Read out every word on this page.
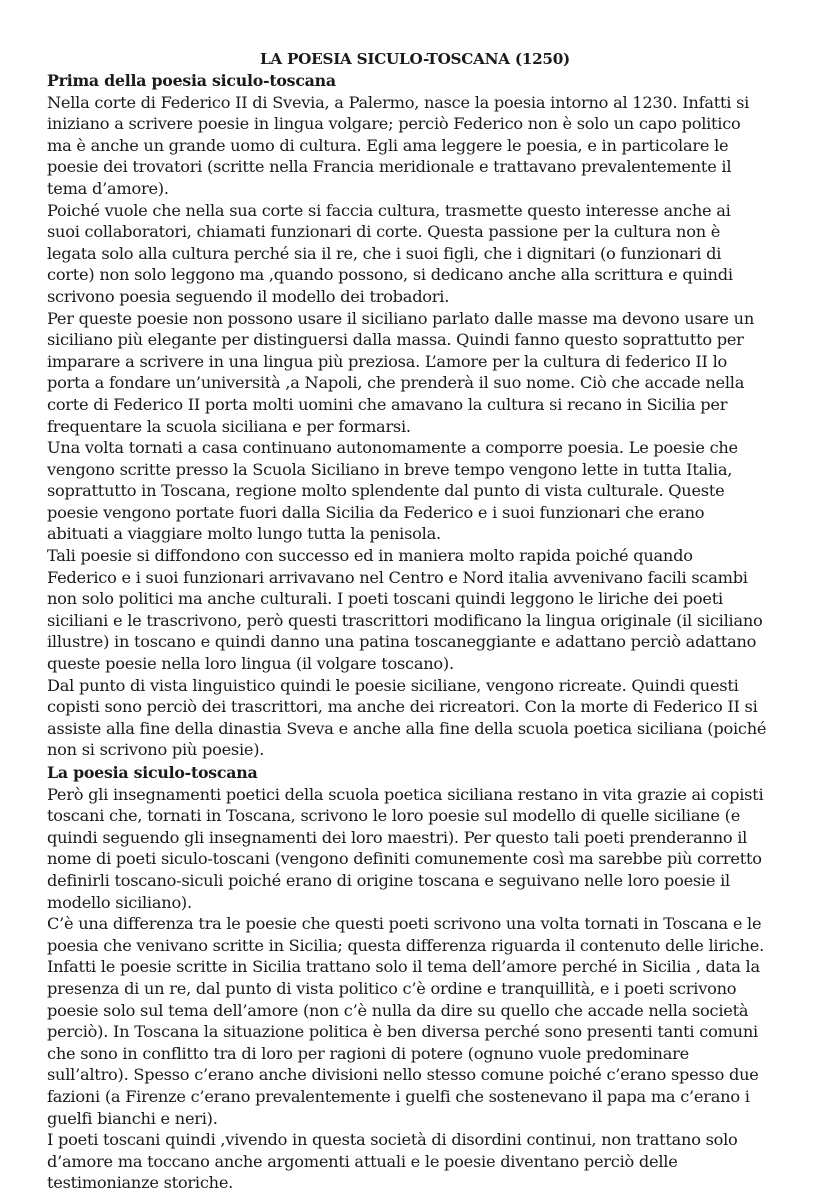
LA POESIA SICULO-TOSCANA (1250)
Prima della poesia siculo-toscana

Nella corte di Federico II di Svevia, a Palermo, nasce la poesia intorno al 1230. Infatti si iniziano a scrivere poesie in lingua volgare; perciò Federico non è solo un capo politico ma è anche un grande uomo di cultura. Egli ama leggere le poesia, e in particolare le poesie dei trovatori (scritte nella Francia meridionale e trattavano prevalentemente il tema d’amore).

Poiché vuole che nella sua corte si faccia cultura, trasmette questo interesse anche ai suoi collaboratori, chiamati funzionari di corte. Questa passione per la cultura non è legata solo alla cultura perché sia il re, che i suoi figli, che i dignitari (o funzionari di corte) non solo leggono ma ,quando possono, si dedicano anche alla scrittura e quindi scrivono poesia seguendo il modello dei trobadori.

Per queste poesie non possono usare il siciliano parlato dalle masse ma devono usare un siciliano più elegante per distinguersi dalla massa. Quindi fanno questo soprattutto per imparare a scrivere in una lingua più preziosa. L’amore per la cultura di federico II lo porta a fondare un’università ,a Napoli, che prenderà il suo nome. Ciò che accade nella corte di Federico II porta molti uomini che amavano la cultura si recano in Sicilia per frequentare la scuola siciliana e per formarsi.

Una volta tornati a casa continuano autonomamente a comporre poesia. Le poesie che vengono scritte presso la Scuola Siciliano in breve tempo vengono lette in tutta Italia, soprattutto in Toscana, regione molto splendente dal punto di vista culturale. Queste poesie vengono portate fuori dalla Sicilia da Federico e i suoi funzionari che erano abituati a viaggiare molto lungo tutta la penisola.

Tali poesie si diffondono con successo ed in maniera molto rapida poiché quando Federico e i suoi funzionari arrivavano nel Centro e Nord italia avvenivano facili scambi non solo politici ma anche culturali. I poeti toscani quindi leggono le liriche dei poeti siciliani e le trascrivono, però questi trascrittori modificano la lingua originale (il siciliano illustre) in toscano e quindi danno una patina toscaneggiante e adattano perciò adattano queste poesie nella loro lingua (il volgare toscano).

Dal punto di vista linguistico quindi le poesie siciliane, vengono ricreate. Quindi questi copisti sono perciò dei trascrittori, ma anche dei ricreatori. Con la morte di Federico II si assiste alla fine della dinastia Sveva e anche alla fine della scuola poetica siciliana (poiché non si scrivono più poesie).

La poesia siculo-toscana

Però gli insegnamenti poetici della scuola poetica siciliana restano in vita grazie ai copisti toscani che, tornati in Toscana, scrivono le loro poesie sul modello di quelle siciliane (e quindi seguendo gli insegnamenti dei loro maestri). Per questo tali poeti prenderanno il nome di poeti siculo-toscani (vengono definiti comunemente così ma sarebbe più corretto definirli toscano-siculi poiché erano di origine toscana e seguivano nelle loro poesie il modello siciliano).

C’è una differenza tra le poesie che questi poeti scrivono una volta tornati in Toscana e le poesia che venivano scritte in Sicilia; questa differenza riguarda il contenuto delle liriche. Infatti le poesie scritte in Sicilia trattano solo il tema dell’amore perché in Sicilia , data la presenza di un re, dal punto di vista politico c’è ordine e tranquillità, e i poeti scrivono poesie solo sul tema dell’amore (non c’è nulla da dire su quello che accade nella società perciò). In Toscana la situazione politica è ben diversa perché sono presenti tanti comuni che sono in conflitto tra di loro per ragioni di potere (ognuno vuole predominare sull’altro). Spesso c’erano anche divisioni nello stesso comune poiché c’erano spesso due fazioni (a Firenze c’erano prevalentemente i guelfi che sostenevano il papa ma c’erano i guelfi bianchi e neri).

I poeti toscani quindi ,vivendo in questa società di disordini continui, non trattano solo d’amore ma toccano anche argomenti attuali e le poesie diventano perciò delle testimonianze storiche.
